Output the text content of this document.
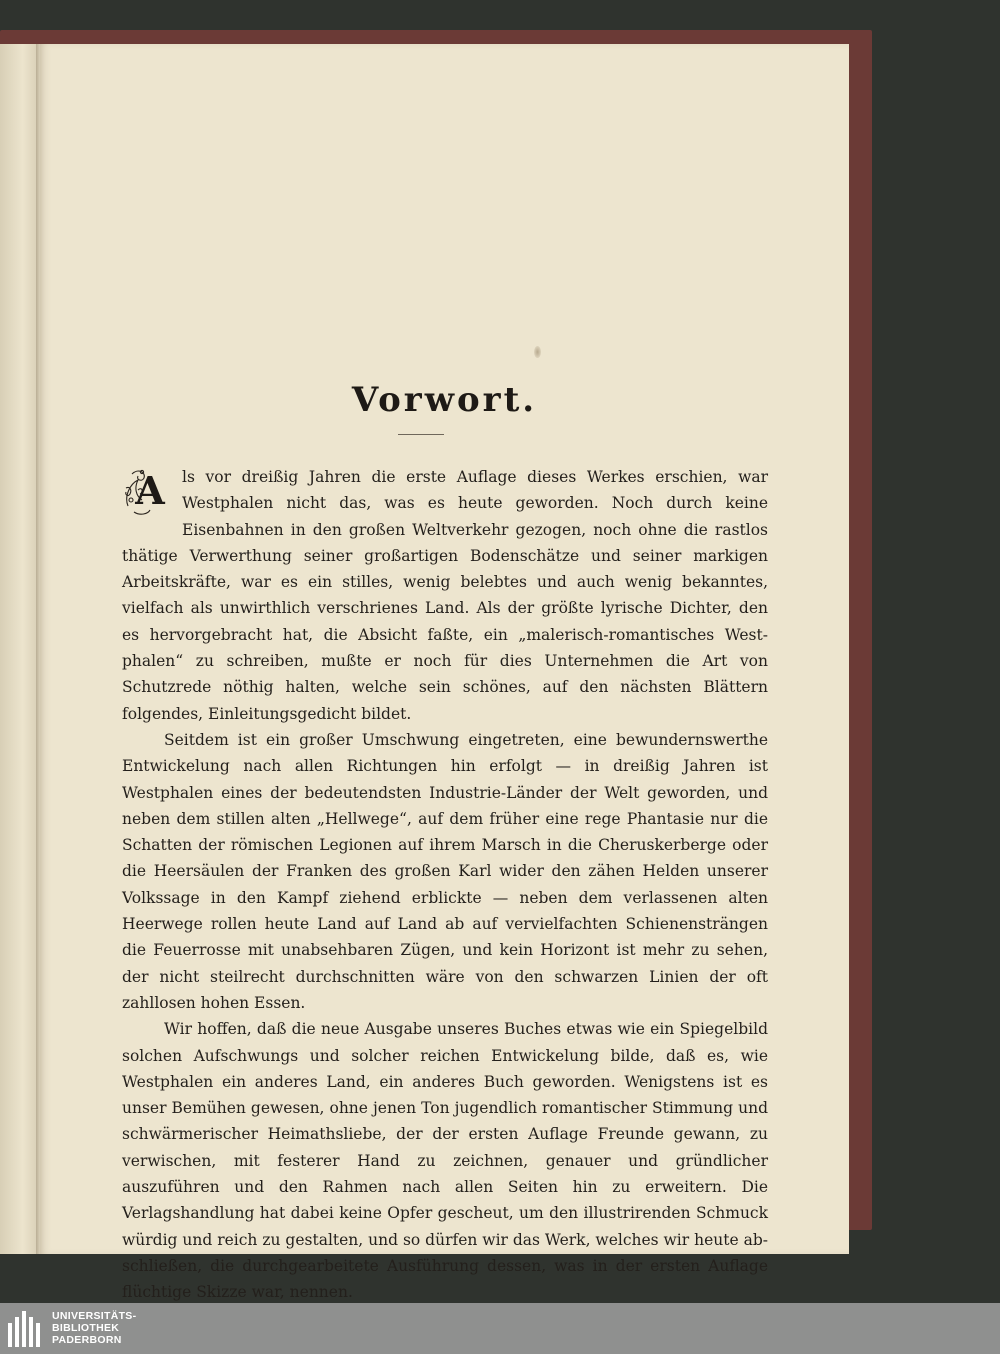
Vorwort.

A ls vor dreißig Jahren die erste Auflage dieses Werkes erschien, war Westphalen nicht das, was es heute geworden. Noch durch keine Eisenbahnen in den großen Weltverkehr gezogen, noch ohne die rastlos thätige Verwerthung seiner großartigen Bodenschätze und seiner markigen Arbeitskräfte, war es ein stilles, wenig belebtes und auch wenig bekanntes, vielfach als unwirthlich verschrienes Land. Als der größte lyrische Dichter, den es hervorgebracht hat, die Absicht faßte, ein „malerisch-romantisches Westphalen“ zu schreiben, mußte er noch für dies Unternehmen die Art von Schutzrede nöthig halten, welche sein schönes, auf den nächsten Blättern folgendes, Einleitungsgedicht bildet.

Seitdem ist ein großer Umschwung eingetreten, eine bewundernswerthe Entwickelung nach allen Richtungen hin erfolgt — in dreißig Jahren ist Westphalen eines der bedeutendsten Industrie-Länder der Welt geworden, und neben dem stillen alten „Hellwege“, auf dem früher eine rege Phantasie nur die Schatten der römischen Legionen auf ihrem Marsch in die Cheruskerberge oder die Heersäulen der Franken des großen Karl wider den zähen Helden unserer Volkssage in den Kampf ziehend erblickte — neben dem verlassenen alten Heerwege rollen heute Land auf Land ab auf vervielfachten Schienensträngen die Feuerrosse mit unabsehbaren Zügen, und kein Horizont ist mehr zu sehen, der nicht steilrecht durchschnitten wäre von den schwarzen Linien der oft zahllosen hohen Essen.

Wir hoffen, daß die neue Ausgabe unseres Buches etwas wie ein Spiegelbild solchen Aufschwungs und solcher reichen Entwickelung bilde, daß es, wie Westphalen ein anderes Land, ein anderes Buch geworden. Wenigstens ist es unser Bemühen gewesen, ohne jenen Ton jugendlich romantischer Stimmung und schwärmerischer Heimathsliebe, der der ersten Auflage Freunde gewann, zu verwischen, mit festerer Hand zu zeichnen, genauer und gründlicher auszuführen und den Rahmen nach allen Seiten hin zu erweitern. Die Verlagshandlung hat dabei keine Opfer gescheut, um den illustrirenden Schmuck würdig und reich zu gestalten, und so dürfen wir das Werk, welches wir heute abschließen, die durchgearbeitete Ausführung dessen, was in der ersten Auflage flüchtige Skizze war, nennen.

UNIVERSITÄTS-
BIBLIOTHEK
PADERBORN
